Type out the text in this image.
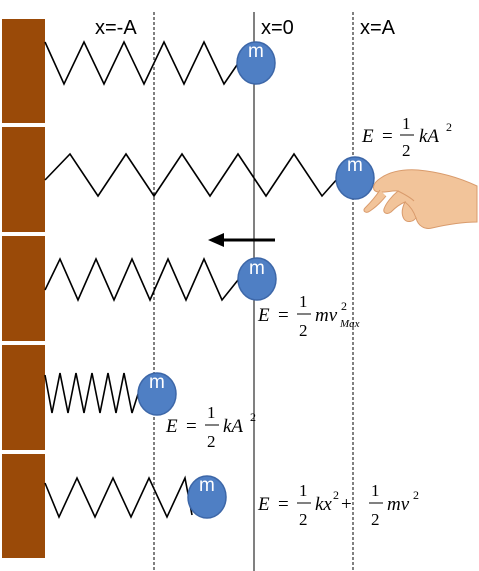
x=-A	x=0	x=A
m
m
m
m
m
E =
1
2
kA 2
E =
1
2
mv 2
Max
E =
1
2
kA 2
E =
1
2
kx 2 +
1
2
mv 2
